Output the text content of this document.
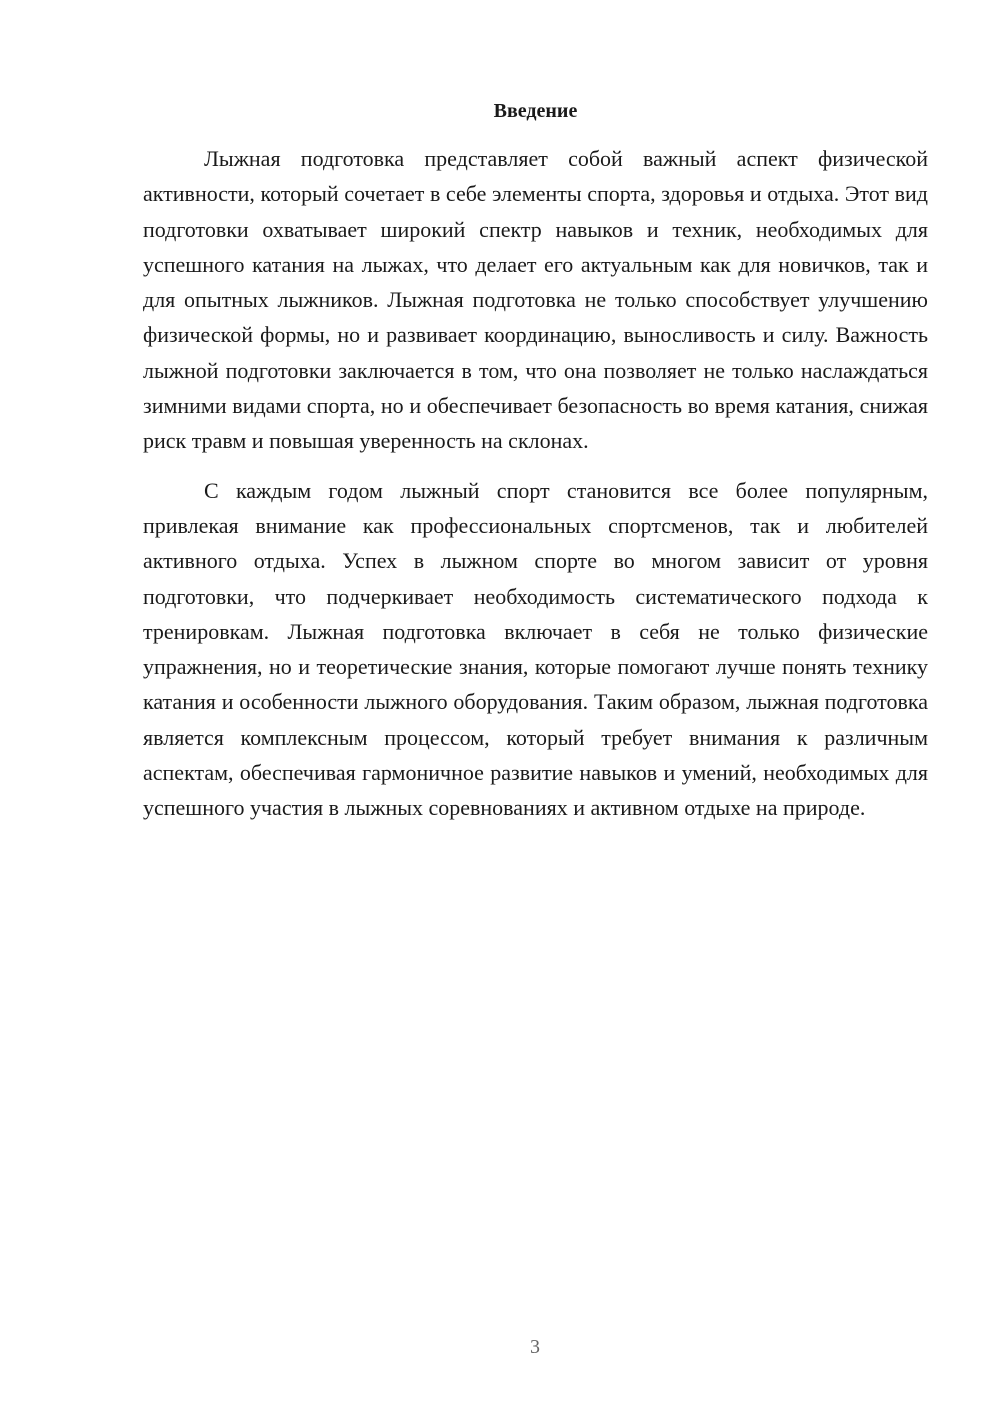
Введение

Лыжная подготовка представляет собой важный аспект физической активности, который сочетает в себе элементы спорта, здоровья и отдыха. Этот вид подготовки охватывает широкий спектр навыков и техник, необходимых для успешного катания на лыжах, что делает его актуальным как для новичков, так и для опытных лыжников. Лыжная подготовка не только способствует улучшению физической формы, но и развивает координацию, выносливость и силу. Важность лыжной подготовки заключается в том, что она позволяет не только наслаждаться зимними видами спорта, но и обеспечивает безопасность во время катания, снижая риск травм и повышая уверенность на склонах.

С каждым годом лыжный спорт становится все более популярным, привлекая внимание как профессиональных спортсменов, так и любителей активного отдыха. Успех в лыжном спорте во многом зависит от уровня подготовки, что подчеркивает необходимость систематического подхода к тренировкам. Лыжная подготовка включает в себя не только физические упражнения, но и теоретические знания, которые помогают лучше понять технику катания и особенности лыжного оборудования. Таким образом, лыжная подготовка является комплексным процессом, который требует внимания к различным аспектам, обеспечивая гармоничное развитие навыков и умений, необходимых для успешного участия в лыжных соревнованиях и активном отдыхе на природе.

3
